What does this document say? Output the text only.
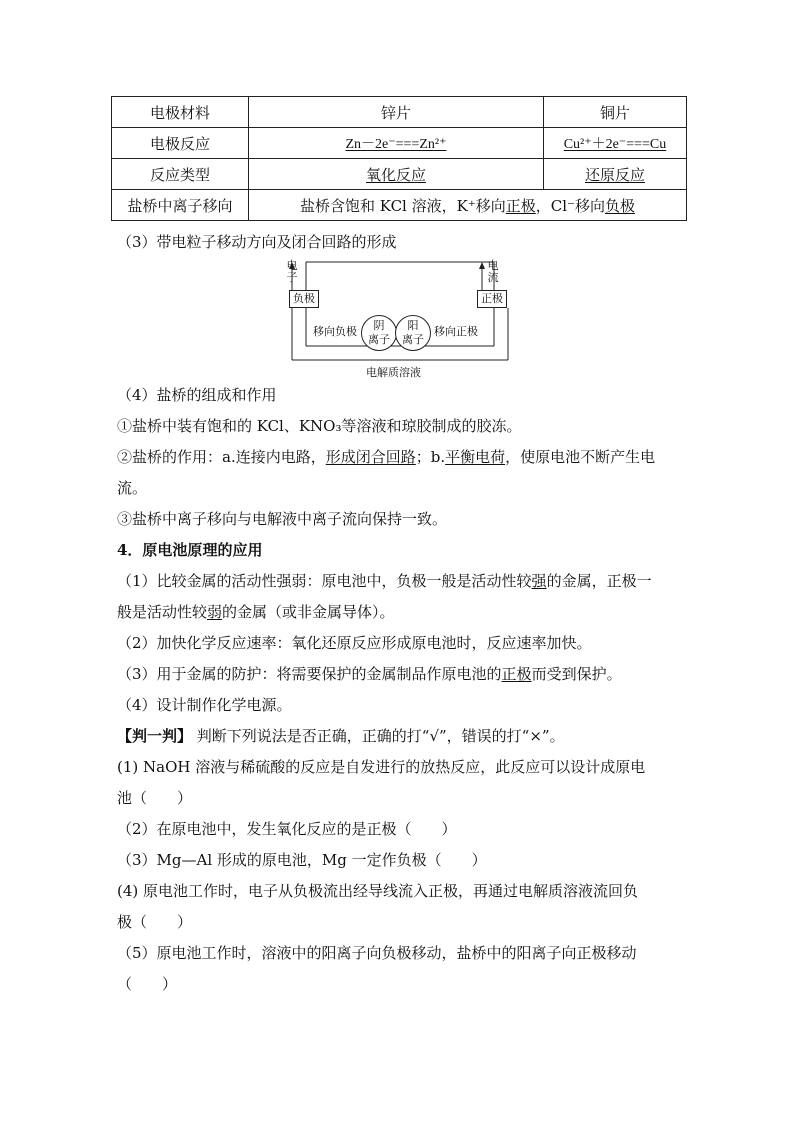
电极材料	锌片	铜片
电极反应	Zn－2e⁻===Zn²⁺	Cu²⁺＋2e⁻===Cu
反应类型	氧化反应	还原反应
盐桥中离子移向	盐桥含饱和 KCl 溶液，K⁺移向正极，Cl⁻移向负极	
（3）带电粒子移动方向及闭合回路的形成
电子
电流
负极	正极
移向负极	移向正极
阴
离子
阳
离子
电解质溶液
（4）盐桥的组成和作用
①盐桥中装有饱和的 KCl、KNO₃等溶液和琼胶制成的胶冻。
②盐桥的作用：a.连接内电路，形成闭合回路；b.平衡电荷，使原电池不断产生电
流。
③盐桥中离子移向与电解液中离子流向保持一致。
4．原电池原理的应用
（1）比较金属的活动性强弱：原电池中，负极一般是活动性较强的金属，正极一
般是活动性较弱的金属（或非金属导体）。
（2）加快化学反应速率：氧化还原反应形成原电池时，反应速率加快。
（3）用于金属的防护：将需要保护的金属制品作原电池的正极而受到保护。
（4）设计制作化学电源。
【判一判】 判断下列说法是否正确，正确的打“√”，错误的打“×”。
(1) NaOH 溶液与稀硫酸的反应是自发进行的放热反应，此反应可以设计成原电
池（　　）
（2）在原电池中，发生氧化反应的是正极（　　）
（3）Mg—Al 形成的原电池，Mg 一定作负极（　　）
(4) 原电池工作时，电子从负极流出经导线流入正极，再通过电解质溶液流回负
极（　　）
（5）原电池工作时，溶液中的阳离子向负极移动，盐桥中的阳离子向正极移动
（　　）
